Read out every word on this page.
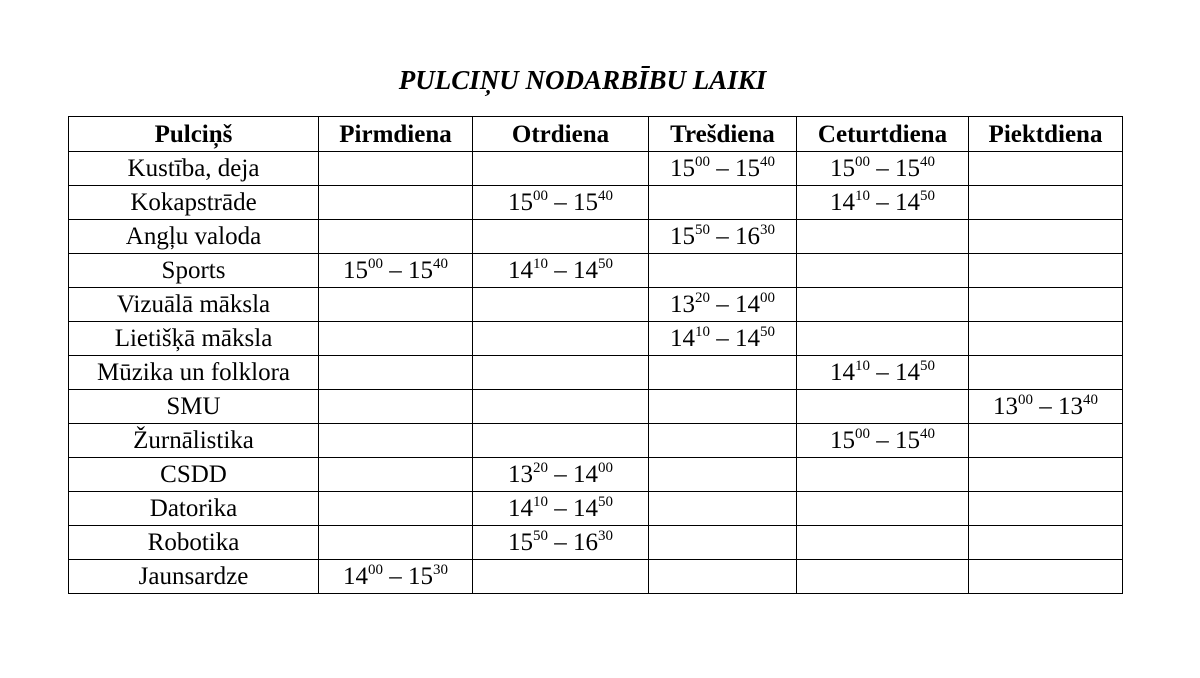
PULCIŅU NODARBĪBU LAIKI
Pulciņš	Pirmdiena	Otrdiena	Trešdiena	Ceturtdiena	Piektdiena
Kustība, deja			$15^{00} - 15^{40}$	$15^{00} - 15^{40}$	
Kokapstrāde		$15^{00} - 15^{40}$		$14^{10} - 14^{50}$	
Angļu valoda			$15^{50} - 16^{30}$		
Sports	$15^{00} - 15^{40}$	$14^{10} - 14^{50}$			
Vizuālā māksla			$13^{20} - 14^{00}$		
Lietišķā māksla			$14^{10} - 14^{50}$		
Mūzika un folklora				$14^{10} - 14^{50}$	
SMU					$13^{00} - 13^{40}$
Žurnālistika				$15^{00} - 15^{40}$	
CSDD		$13^{20} - 14^{00}$			
Datorika		$14^{10} - 14^{50}$			
Robotika		$15^{50} - 16^{30}$			
Jaunsardze	$14^{00} - 15^{30}$				
